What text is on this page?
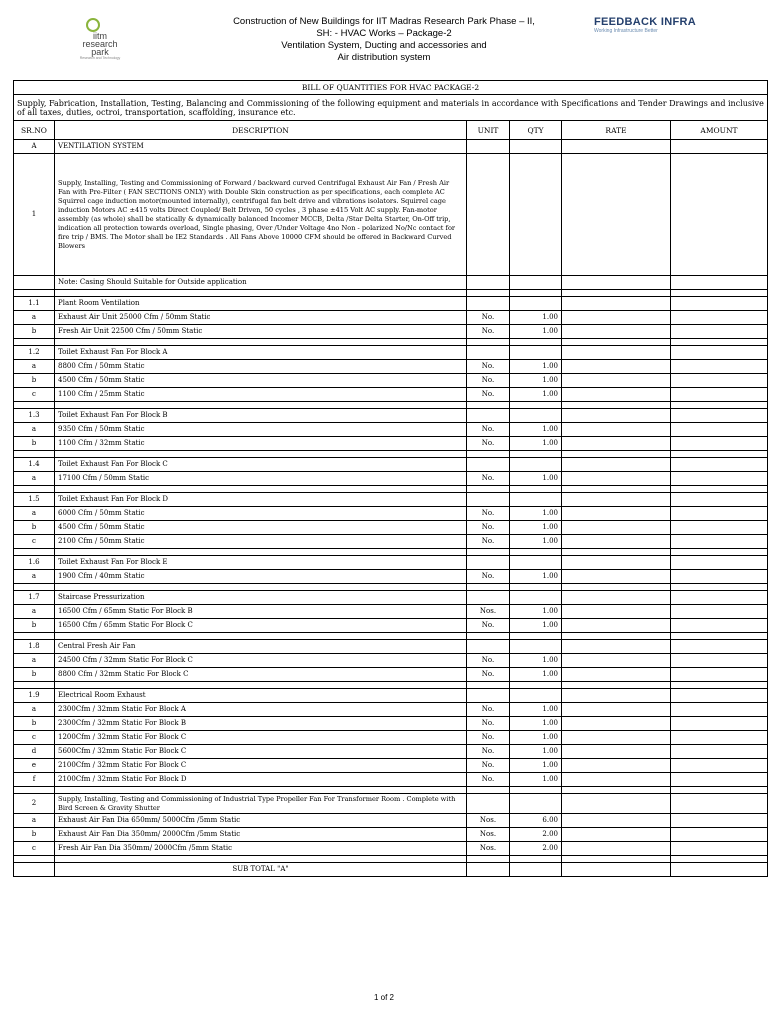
iitm
research
park
Research and Technology
Construction of New Buildings for IIT Madras Research Park Phase – II,
SH: - HVAC Works – Package-2
Ventilation System, Ducting and accessories and
Air distribution system
FEEDBACK INFRA
Working Infrastructure Better
BILL OF QUANTITIES FOR HVAC PACKAGE-2					
Supply, Fabrication, Installation, Testing, Balancing and Commissioning of the following equipment and materials in accordance with Specifications and Tender Drawings and inclusive of all taxes, duties, octroi, transportation, scaffolding, insurance etc.					
SR.NO	DESCRIPTION	UNIT	QTY	RATE	AMOUNT
A	VENTILATION SYSTEM				
1	Supply, Installing, Testing and Commissioning of Forward / backward curved Centrifugal Exhaust Air Fan / Fresh Air Fan with Pre-Filter ( FAN SECTIONS ONLY) with Double Skin construction as per specifications, each complete AC Squirrel cage induction motor(mounted internally), centrifugal fan belt drive and vibrations isolators. Squirrel cage induction Motors AC ±415 volts Direct Coupled/ Belt Driven, 50 cycles , 3 phase ±415 Volt AC supply. Fan-motor assembly (as whole) shall be statically & dynamically balanced Incomer MCCB, Delta /Star Delta Starter, On-Off trip, indication all protection towards overload, Single phasing, Over /Under Voltage 4no Non - polarized No/Nc contact for fire trip / BMS. The Motor shall be IE2 Standards . All Fans Above 10000 CFM should be offered in Backward Curved Blowers				
	Note: Casing Should Suitable for Outside application				

1.1	Plant Room Ventilation				
a	Exhaust Air Unit 25000 Cfm / 50mm Static	No.	1.00		
b	Fresh Air Unit 22500 Cfm / 50mm Static	No.	1.00		

1.2	Toilet Exhaust Fan For Block A				
a	8800 Cfm / 50mm Static	No.	1.00		
b	4500 Cfm / 50mm Static	No.	1.00		
c	1100 Cfm / 25mm Static	No.	1.00		

1.3	Toilet Exhaust Fan For Block B				
a	9350 Cfm / 50mm Static	No.	1.00		
b	1100 Cfm / 32mm Static	No.	1.00		

1.4	Toilet Exhaust Fan For Block C				
a	17100 Cfm / 50mm Static	No.	1.00		

1.5	Toilet Exhaust Fan For Block D				
a	6000 Cfm / 50mm Static	No.	1.00		
b	4500 Cfm / 50mm Static	No.	1.00		
c	2100 Cfm / 50mm Static	No.	1.00		

1.6	Toilet Exhaust Fan For Block E				
a	1900 Cfm / 40mm Static	No.	1.00		

1.7	Staircase Pressurization				
a	16500 Cfm / 65mm Static For Block B	Nos.	1.00		
b	16500 Cfm / 65mm Static For Block C	No.	1.00		

1.8	Central Fresh Air Fan				
a	24500 Cfm / 32mm Static For Block C	No.	1.00		
b	8800 Cfm / 32mm Static For Block C	No.	1.00		

1.9	Electrical Room Exhaust				
a	2300Cfm / 32mm Static For Block A	No.	1.00		
b	2300Cfm / 32mm Static For Block B	No.	1.00		
c	1200Cfm / 32mm Static For Block C	No.	1.00		
d	5600Cfm / 32mm Static For Block C	No.	1.00		
e	2100Cfm / 32mm Static For Block C	No.	1.00		
f	2100Cfm / 32mm Static For Block D	No.	1.00		

2	Supply, Installing, Testing and Commissioning of Industrial Type Propeller Fan For Transformer Room . Complete with Bird Screen & Gravity Shutter				
a	Exhaust Air Fan Dia 650mm/ 5000Cfm /5mm Static	Nos.	6.00		
b	Exhaust Air Fan Dia 350mm/ 2000Cfm /5mm Static	Nos.	2.00		
c	Fresh Air Fan Dia 350mm/ 2000Cfm /5mm Static	Nos.	2.00		

	SUB TOTAL "A"				
1 of 2
